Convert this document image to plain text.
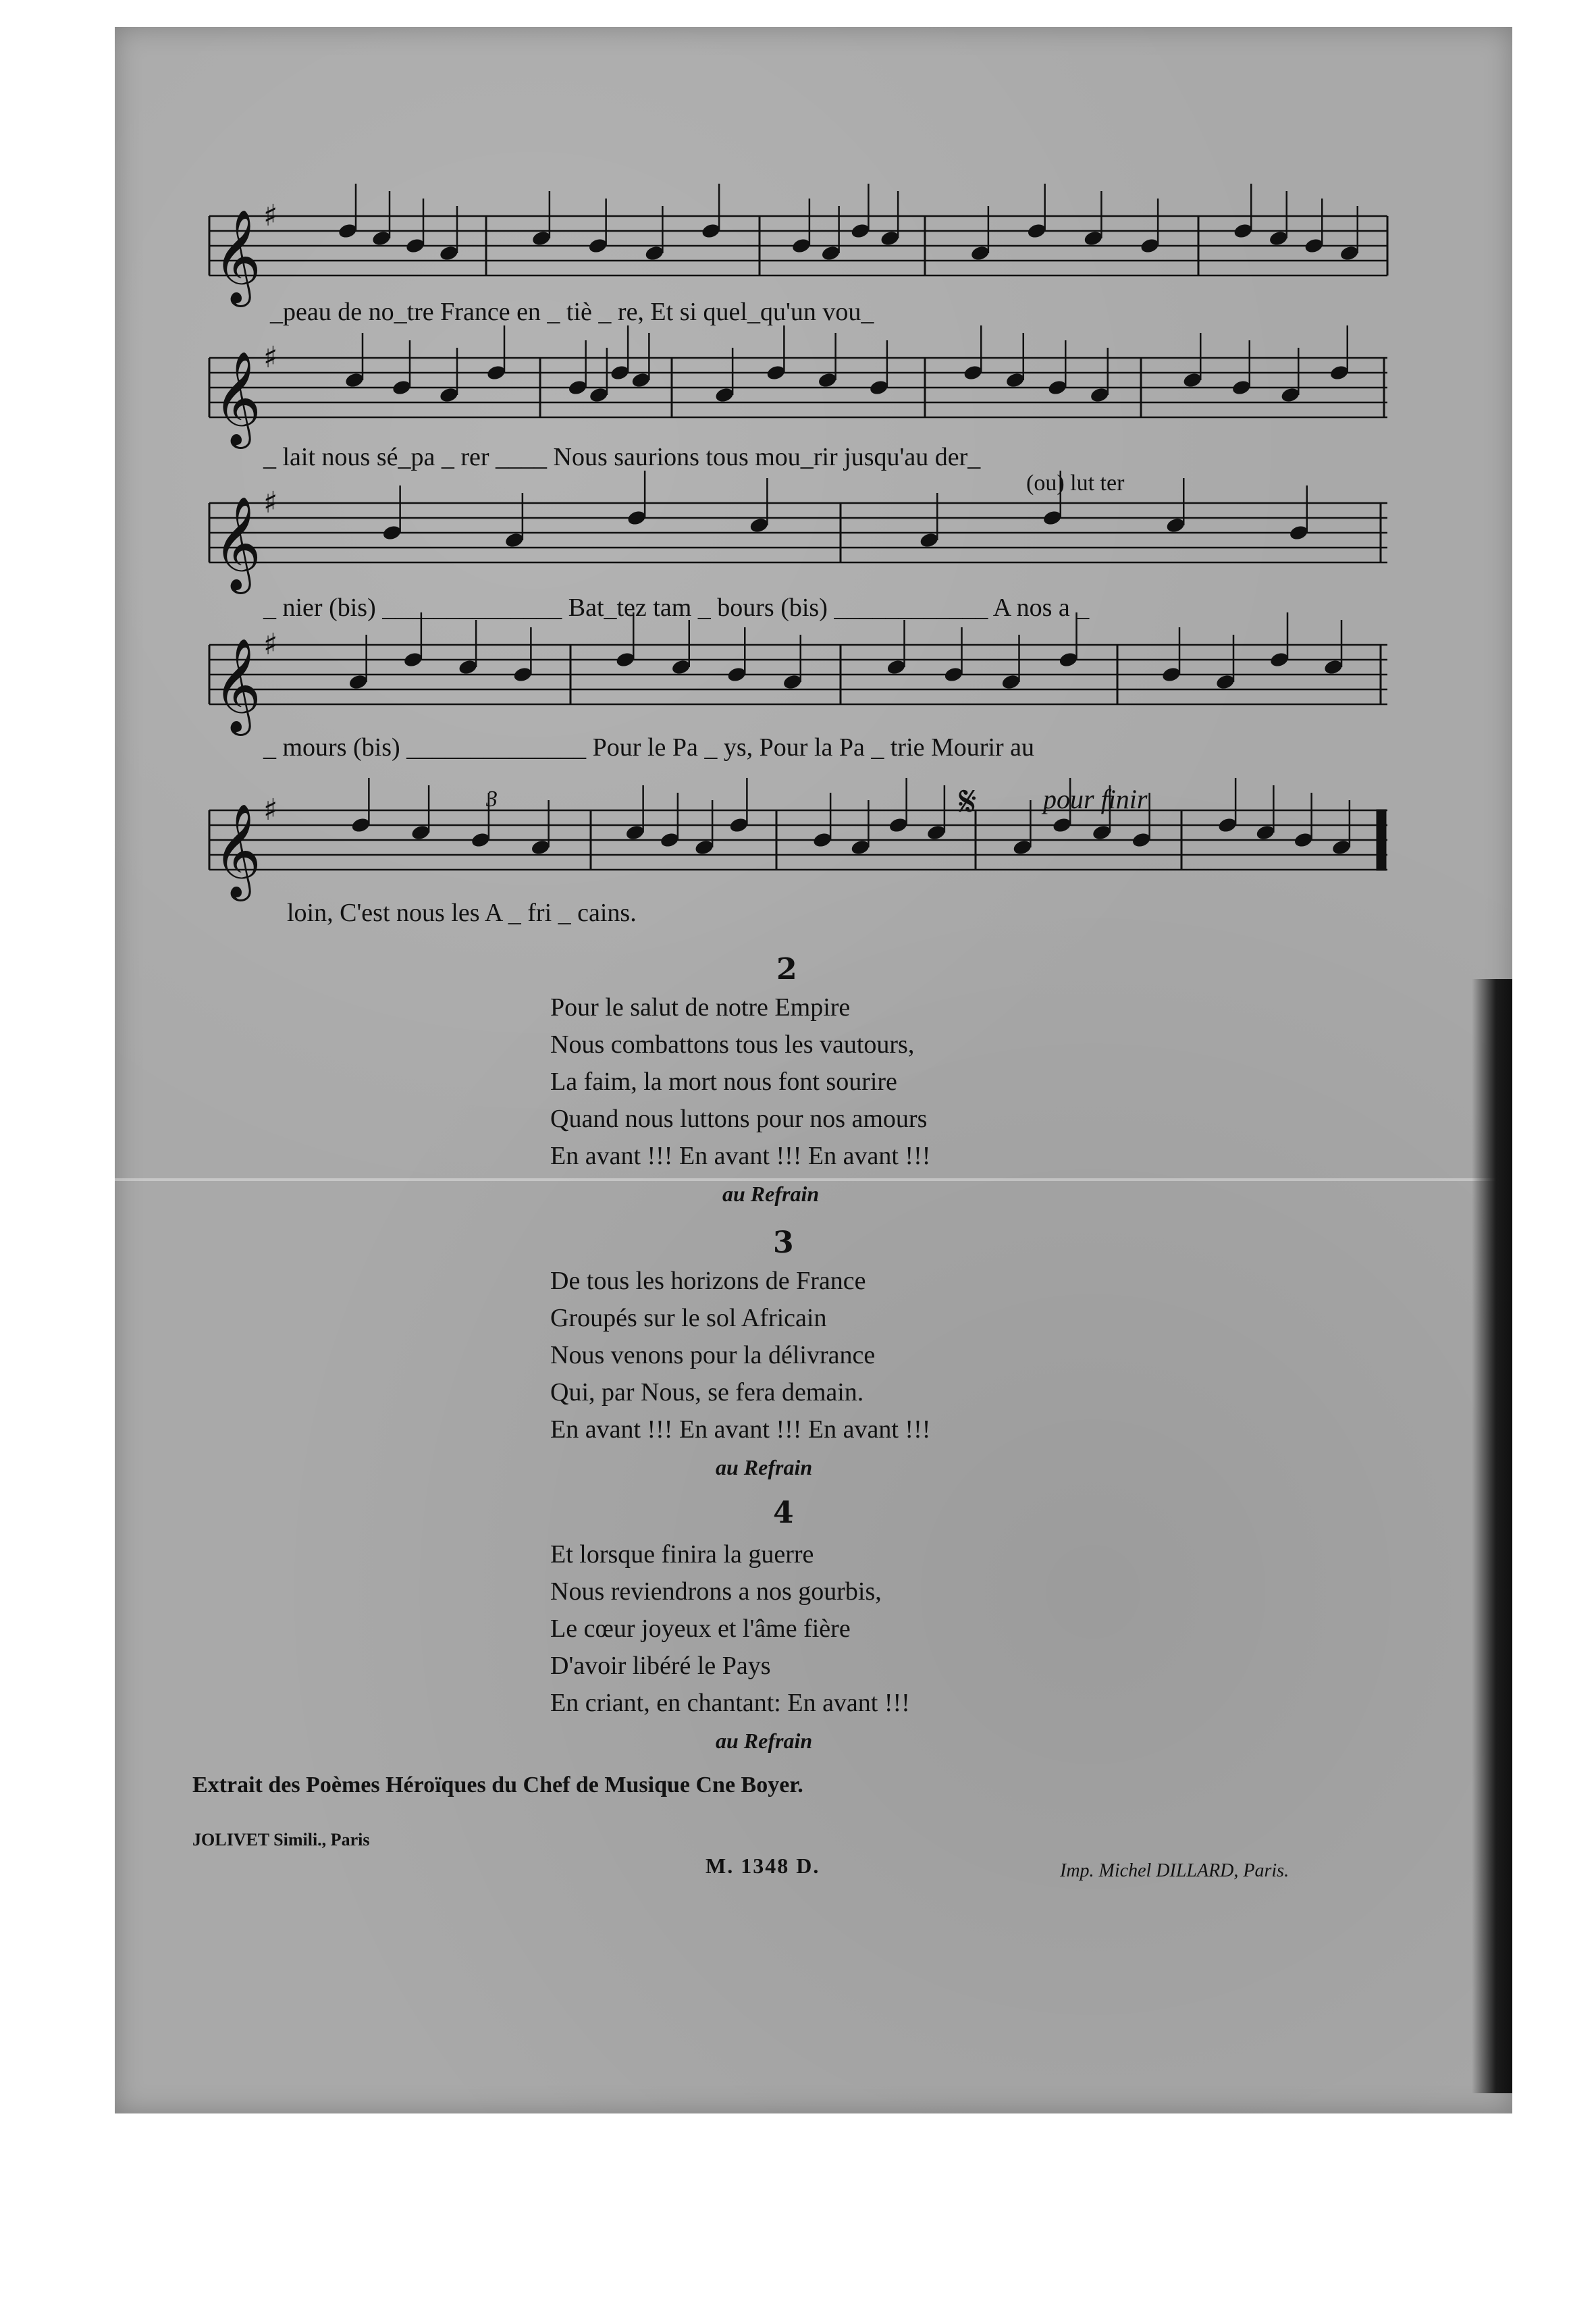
𝄞 ♯
𝄞 ♯
𝄞 ♯
𝄞 ♯
𝄞 ♯
_peau de no_tre France en _ tiè _ re, Et si quel_qu'un vou_
_ lait nous sé_pa _ rer ____ Nous saurions tous mou_rir jusqu'au der_
(ou) lut ter
_ nier (bis) ______________ Bat_tez tam _ bours (bis) ____________ A nos a _
_ mours (bis) ______________ Pour le Pa _ ys, Pour la Pa _ trie Mourir au
loin, C'est nous les A _ fri _ cains.
pour finir
3	𝄋
2
Pour le salut de notre Empire
Nous combattons tous les vautours,
La faim, la mort nous font sourire
Quand nous luttons pour nos amours
En avant !!! En avant !!! En avant !!!
au Refrain
3
De tous les horizons de France
Groupés sur le sol Africain
Nous venons pour la délivrance
Qui, par Nous, se fera demain.
En avant !!! En avant !!! En avant !!!
au Refrain
4
Et lorsque finira la guerre
Nous reviendrons a nos gourbis,
Le cœur joyeux et l'âme fière
D'avoir libéré le Pays
En criant, en chantant: En avant !!!
au Refrain
Extrait des Poèmes Héroïques du Chef de Musique Cne Boyer.
JOLIVET Simili., Paris
M. 1348 D.	Imp. Michel DILLARD, Paris.
